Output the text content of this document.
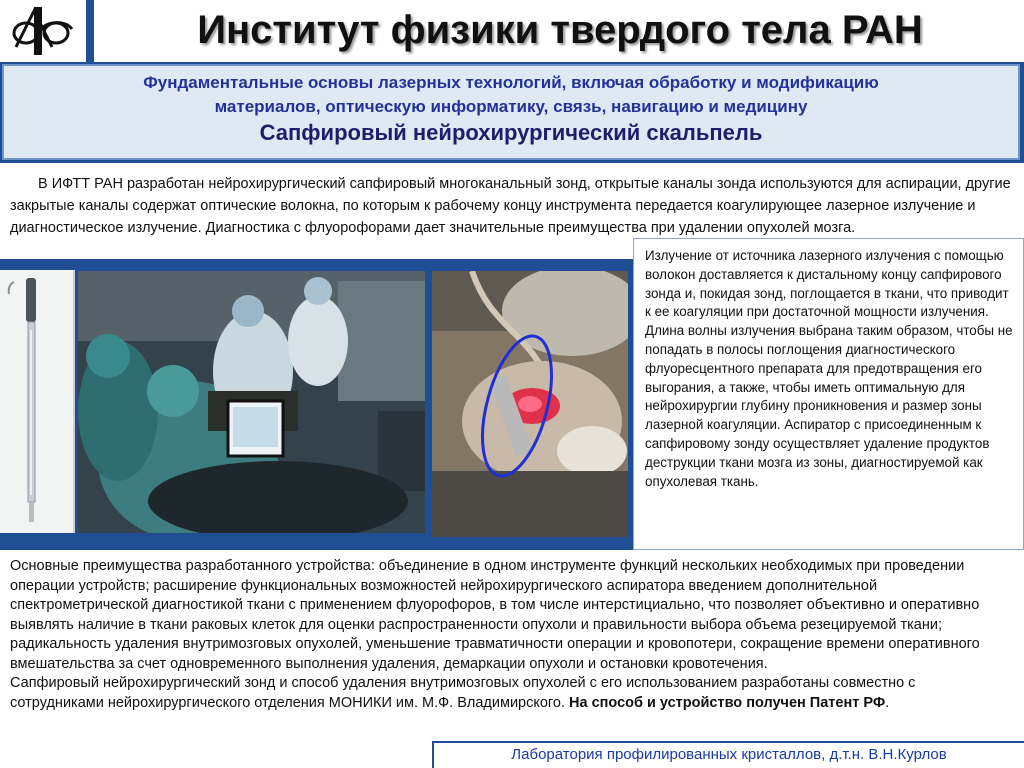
Институт физики твердого тела РАН
Фундаментальные основы лазерных технологий, включая обработку и модификацию
материалов, оптическую информатику, связь, навигацию и медицину
Сапфировый нейрохирургический скальпель
В ИФТТ РАН разработан нейрохирургический сапфировый многоканальный зонд, открытые каналы зонда используются для аспирации, другие закрытые каналы содержат оптические волокна, по которым к рабочему концу инструмента передается коагулирующее лазерное излучение и диагностическое излучение. Диагностика с флуорофорами дает значительные преимущества при удалении опухолей мозга.
Излучение от источника лазерного излучения с помощью волокон доставляется к дистальному концу сапфирового зонда и, покидая зонд, поглощается в ткани, что приводит к ее коагуляции при достаточной мощности излучения. Длина волны излучения выбрана таким образом, чтобы не попадать в полосы поглощения диагностического флуоресцентного препарата для предотвращения его выгорания, а также, чтобы иметь оптимальную для нейрохирургии глубину проникновения и размер зоны лазерной коагуляции. Аспиратор с присоединенным к сапфировому зонду осуществляет удаление продуктов деструкции ткани мозга из зоны, диагностируемой как опухолевая ткань.
Основные преимущества разработанного устройства: объединение в одном инструменте функций нескольких необходимых при проведении операции устройств; расширение функциональных возможностей нейрохирургического аспиратора введением дополнительной спектрометрической диагностикой ткани с применением флуорофоров, в том числе интерстициально, что позволяет объективно и оперативно выявлять наличие в ткани раковых клеток для оценки распространенности опухоли и правильности выбора объема резецируемой ткани; радикальность удаления внутримозговых опухолей, уменьшение травматичности операции и кровопотери, сокращение времени оперативного вмешательства за счет одновременного выполнения удаления, демаркации опухоли и остановки кровотечения.
Сапфировый нейрохирургический зонд и способ удаления внутримозговых опухолей с его использованием разработаны совместно с сотрудниками нейрохирургического отделения МОНИКИ им. М.Ф. Владимирского. На способ и устройство получен Патент РФ.
Лаборатория профилированных кристаллов, д.т.н. В.Н.Курлов
